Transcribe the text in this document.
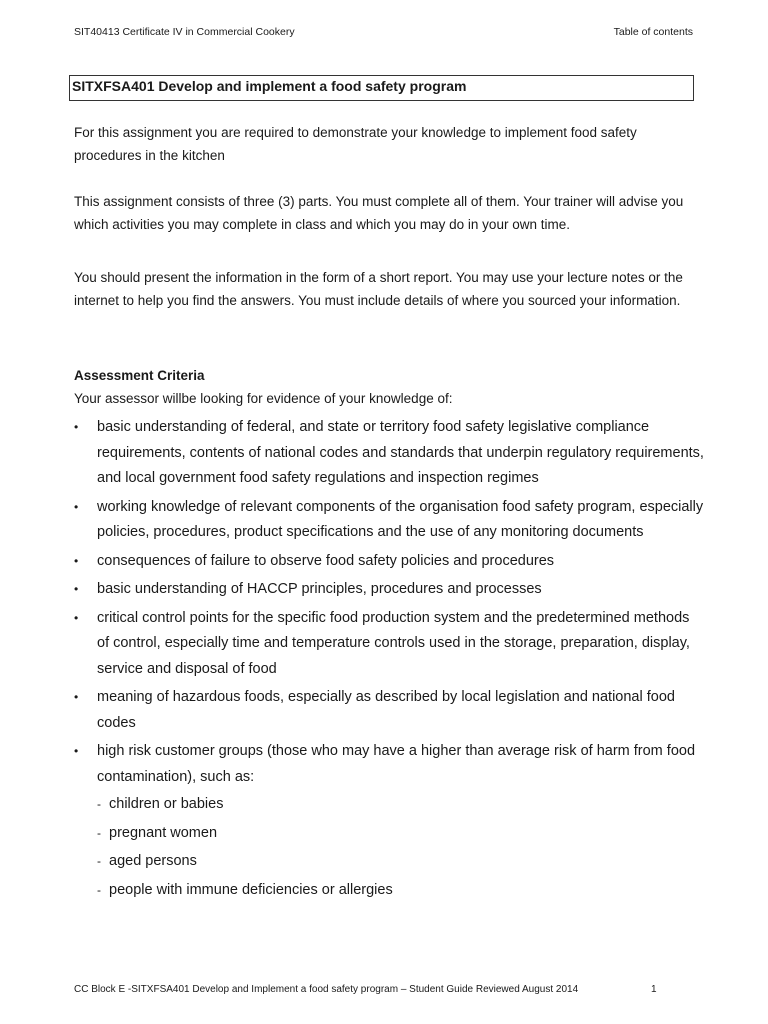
SIT40413 Certificate IV in Commercial Cookery	Table of contents
SITXFSA401 Develop and implement a food safety program
For this assignment you are required to demonstrate your knowledge to implement food safety procedures in the kitchen
This assignment consists of three (3) parts. You must complete all of them. Your trainer will advise you which activities you may complete in class and which you may do in your own time.
You should present the information in the form of a short report. You may use your lecture notes or the internet to help you find the answers. You must include details of where you sourced your information.
Assessment Criteria
Your assessor willbe looking for evidence of your knowledge of:
• basic understanding of federal, and state or territory food safety legislative compliance requirements, contents of national codes and standards that underpin regulatory requirements, and local government food safety regulations and inspection regimes
• working knowledge of relevant components of the organisation food safety program, especially policies, procedures, product specifications and the use of any monitoring documents
• consequences of failure to observe food safety policies and procedures
• basic understanding of HACCP principles, procedures and processes
• critical control points for the specific food production system and the predetermined methods of control, especially time and temperature controls used in the storage, preparation, display, service and disposal of food
• meaning of hazardous foods, especially as described by local legislation and national food codes
• high risk customer groups (those who may have a higher than average risk of harm from food contamination), such as:
- children or babies
- pregnant women
- aged persons
- people with immune deficiencies or allergies
CC Block E -SITXFSA401 Develop and Implement a food safety program – Student Guide Reviewed August 2014	1
